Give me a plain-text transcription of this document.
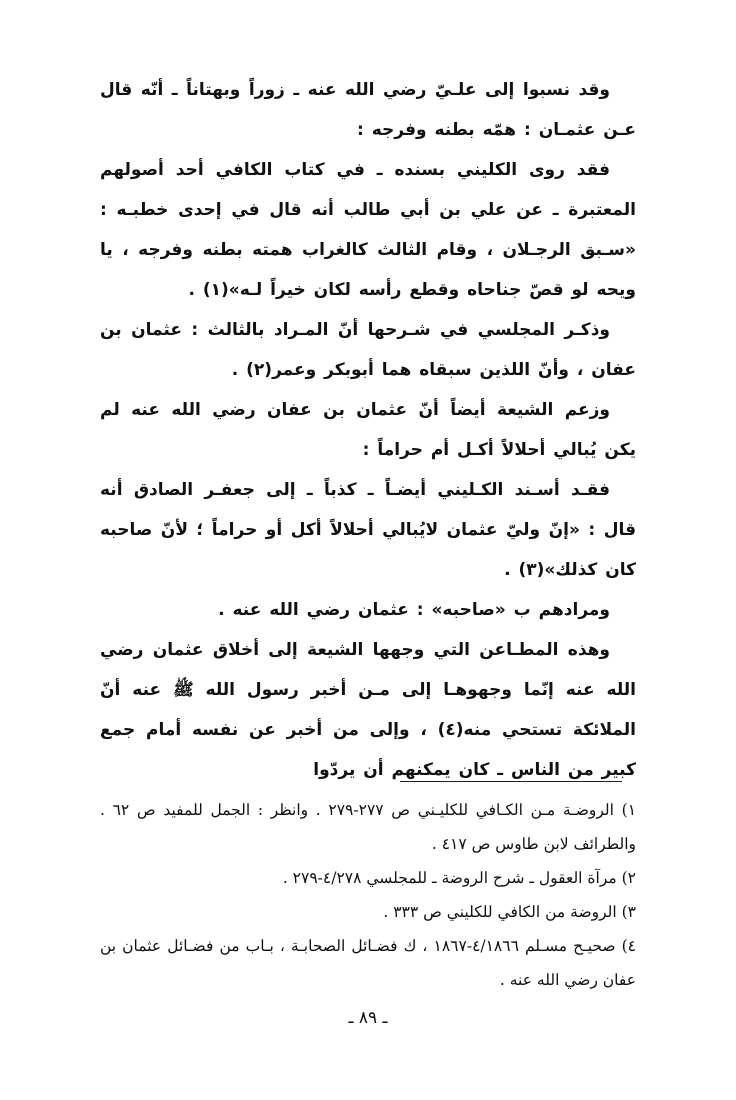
وقد نسبوا إلى علـيّ رضي الله عنه ـ زوراً وبهتاناً ـ أنّه قال عـن عثمـان : همّه بطنه وفرجه :

فقد روى الكليني بسنده ـ في كتاب الكافي أحد أصولهم المعتبرة ـ عن علي بن أبي طالب أنه قال في إحدى خطبـه : «سـبق الرجـلان ، وقام الثالث كالغراب همته بطنه وفرجه ، يا ويحه لو قصّ جناحاه وقطع رأسه لكان خيراً لـه»(١) .

وذكـر المجلسي في شـرحها أنّ المـراد بالثالث : عثمان بن عفان ، وأنّ اللذين سبقاه هما أبوبكر وعمر(٢) .

وزعم الشيعة أيضاً أنّ عثمان بن عفان رضي الله عنه لم يكن يُبالي أحلالاً أكـل أم حراماً :

فقـد أسـند الكـليني أيضـاً ـ كذباً ـ إلى جعفـر الصادق أنه قال : «إنّ وليّ عثمان لايُبالي أحلالاً أكل أو حراماً ؛ لأنّ صاحبه كان كذلك»(٣) .

ومرادهم ب «صاحبه» : عثمان رضي الله عنه .

وهذه المطـاعن التي وجهها الشيعة إلى أخلاق عثمان رضي الله عنه إنّما وجهوهـا إلى مـن أخبر رسول الله ﷺ عنه أنّ الملائكة تستحي منه(٤) ، وإلى من أخبر عن نفسه أمام جمع كبير من الناس ـ كان يمكنهم أن يردّوا

١) الروضـة مـن الكـافي للكليـني ص ٢٧٧-٢٧٩ . وانظر : الجمل للمفيد ص ٦٢ . والطرائف لابن طاوس ص ٤١٧ .

٢) مرآة العقول ـ شرح الروضة ـ للمجلسي ٤/٢٧٨-٢٧٩ .

٣) الروضة من الكافي للكليني ص ٣٣٣ .

٤) صحيـح مسـلم ٤/١٨٦٦-١٨٦٧ ، ك فضـائل الصحابـة ، بـاب من فضـائل عثمان بن عفان رضي الله عنه .

ـ ٨٩ ـ
